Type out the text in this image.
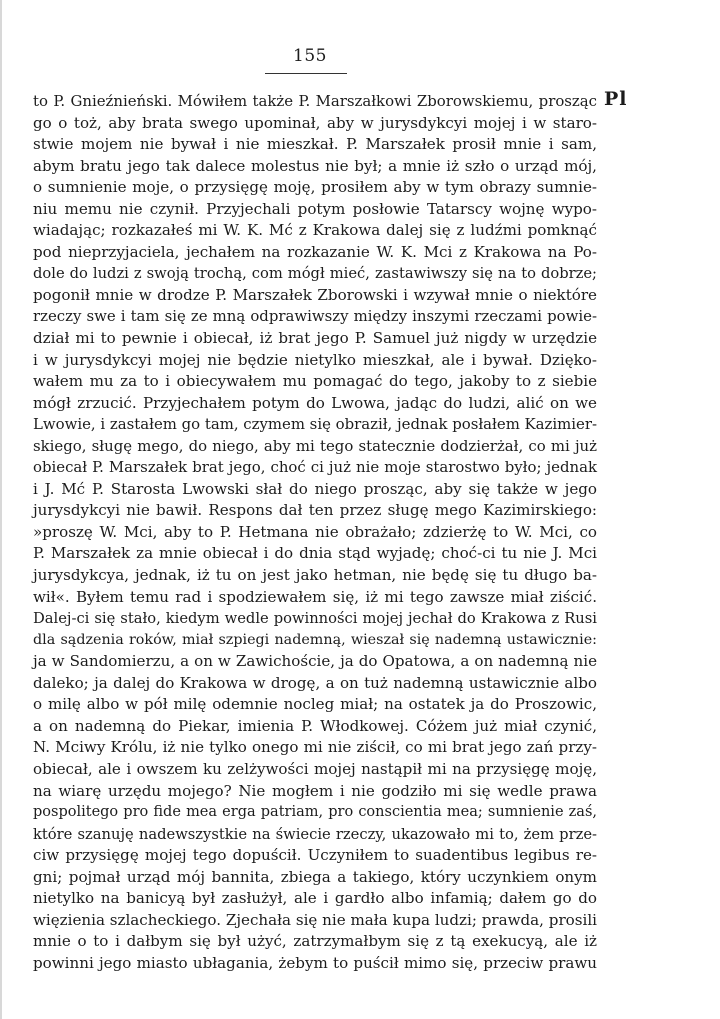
155
Pl
to P. Gnieźnieński. Mówiłem także P. Marszałkowi Zborowskiemu, prosząc
go o toż, aby brata swego upominał, aby w jurysdykcyi mojej i w staro-
stwie mojem nie bywał i nie mieszkał. P. Marszałek prosił mnie i sam,
abym bratu jego tak dalece molestus nie był; a mnie iż szło o urząd mój,
o sumnienie moje, o przysięgę moję, prosiłem aby w tym obrazy sumnie-
niu memu nie czynił. Przyjechali potym posłowie Tatarscy wojnę wypo-
wiadając; rozkazałeś mi W. K. Mć z Krakowa dalej się z ludźmi pomknąć
pod nieprzyjaciela, jechałem na rozkazanie W. K. Mci z Krakowa na Po-
dole do ludzi z swoją trochą, com mógł mieć, zastawiwszy się na to dobrze;
pogonił mnie w drodze P. Marszałek Zborowski i wzywał mnie o niektóre
rzeczy swe i tam się ze mną odprawiwszy między inszymi rzeczami powie-
dział mi to pewnie i obiecał, iż brat jego P. Samuel już nigdy w urzędzie
i w jurysdykcyi mojej nie będzie nietylko mieszkał, ale i bywał. Dzięko-
wałem mu za to i obiecywałem mu pomagać do tego, jakoby to z siebie
mógł zrzucić. Przyjechałem potym do Lwowa, jadąc do ludzi, alić on we
Lwowie, i zastałem go tam, czymem się obraził, jednak posłałem Kazimier-
skiego, sługę mego, do niego, aby mi tego statecznie dodzierżał, co mi już
obiecał P. Marszałek brat jego, choć ci już nie moje starostwo było; jednak
i J. Mć P. Starosta Lwowski słał do niego prosząc, aby się także w jego
jurysdykcyi nie bawił. Respons dał ten przez sługę mego Kazimirskiego:
»proszę W. Mci, aby to P. Hetmana nie obrażało; zdzierżę to W. Mci, co
P. Marszałek za mnie obiecał i do dnia stąd wyjadę; choć-ci tu nie J. Mci
jurysdykcya, jednak, iż tu on jest jako hetman, nie będę się tu długo ba-
wił«. Byłem temu rad i spodziewałem się, iż mi tego zawsze miał ziścić.
Dalej-ci się stało, kiedym wedle powinności mojej jechał do Krakowa z Rusi
dla sądzenia roków, miał szpiegi nademną, wieszał się nademną ustawicznie:
ja w Sandomierzu, a on w Zawichoście, ja do Opatowa, a on nademną nie
daleko; ja dalej do Krakowa w drogę, a on tuż nademną ustawicznie albo
o milę albo w pół milę odemnie nocleg miał; na ostatek ja do Proszowic,
a on nademną do Piekar, imienia P. Włodkowej. Cóżem już miał czynić,
N. Mciwy Królu, iż nie tylko onego mi nie ziścił, co mi brat jego zań przy-
obiecał, ale i owszem ku zelżywości mojej nastąpił mi na przysięgę moję,
na wiarę urzędu mojego? Nie mogłem i nie godziło mi się wedle prawa
pospolitego pro fide mea erga patriam, pro conscientia mea; sumnienie zaś,
które szanuję nadewszystkie na świecie rzeczy, ukazowało mi to, żem prze-
ciw przysięgę mojej tego dopuścił. Uczyniłem to suadentibus legibus re-
gni; pojmał urząd mój bannita, zbiega a takiego, który uczynkiem onym
nietylko na banicyą był zasłużył, ale i gardło albo infamią; dałem go do
więzienia szlacheckiego. Zjechała się nie mała kupa ludzi; prawda, prosili
mnie o to i dałbym się był użyć, zatrzymałbym się z tą exekucyą, ale iż
powinni jego miasto ubłagania, żebym to puścił mimo się, przeciw prawu
